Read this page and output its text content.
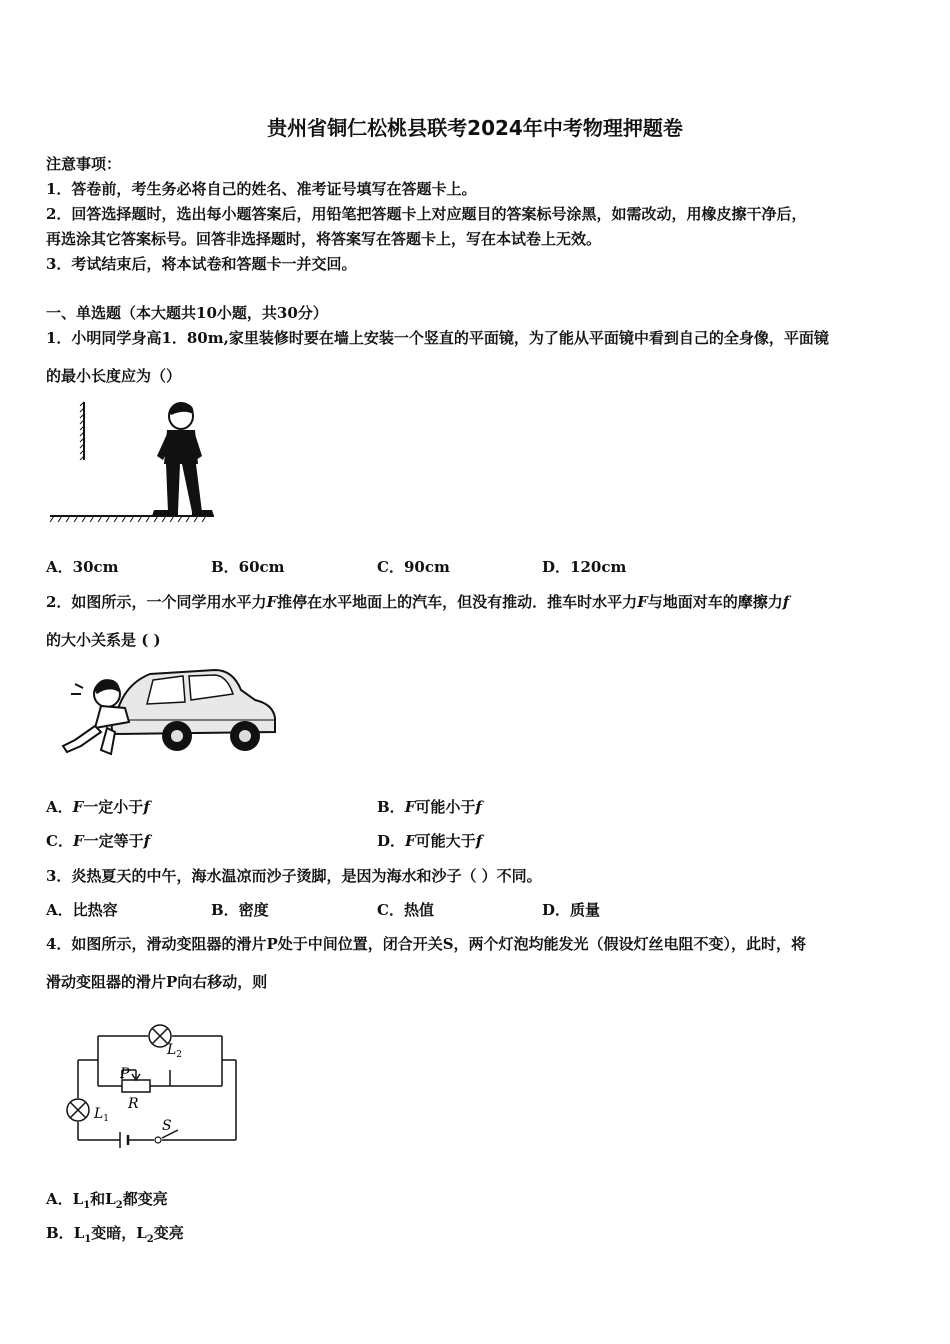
贵州省铜仁松桃县联考2024年中考物理押题卷
注意事项：
1．答卷前，考生务必将自己的姓名、准考证号填写在答题卡上。
2．回答选择题时，选出每小题答案后，用铅笔把答题卡上对应题目的答案标号涂黑，如需改动，用橡皮擦干净后，
再选涂其它答案标号。回答非选择题时，将答案写在答题卡上，写在本试卷上无效。
3．考试结束后，将本试卷和答题卡一并交回。
一、单选题（本大题共10小题，共30分）
1．小明同学身高1．80m,家里装修时要在墙上安装一个竖直的平面镜，为了能从平面镜中看到自己的全身像，平面镜
的最小长度应为（）
A．30cm	B．60cm	C．90cm	D．120cm
2．如图所示，一个同学用水平力F推停在水平地面上的汽车，但没有推动．推车时水平力F与地面对车的摩擦力f
的大小关系是 ( )
A．F一定小于f	B．F可能小于f
C．F一定等于f	D．F可能大于f
3．炎热夏天的中午，海水温凉而沙子烫脚，是因为海水和沙子（ ）不同。
A．比热容	B．密度	C．热值	D．质量
4．如图所示，滑动变阻器的滑片P处于中间位置，闭合开关S，两个灯泡均能发光（假设灯丝电阻不变），此时，将
滑动变阻器的滑片P向右移动，则
$L_2$
$L_1$
P
R
S
A．$L_1$和$L_2$都变亮
B．$L_1$变暗，$L_2$变亮
